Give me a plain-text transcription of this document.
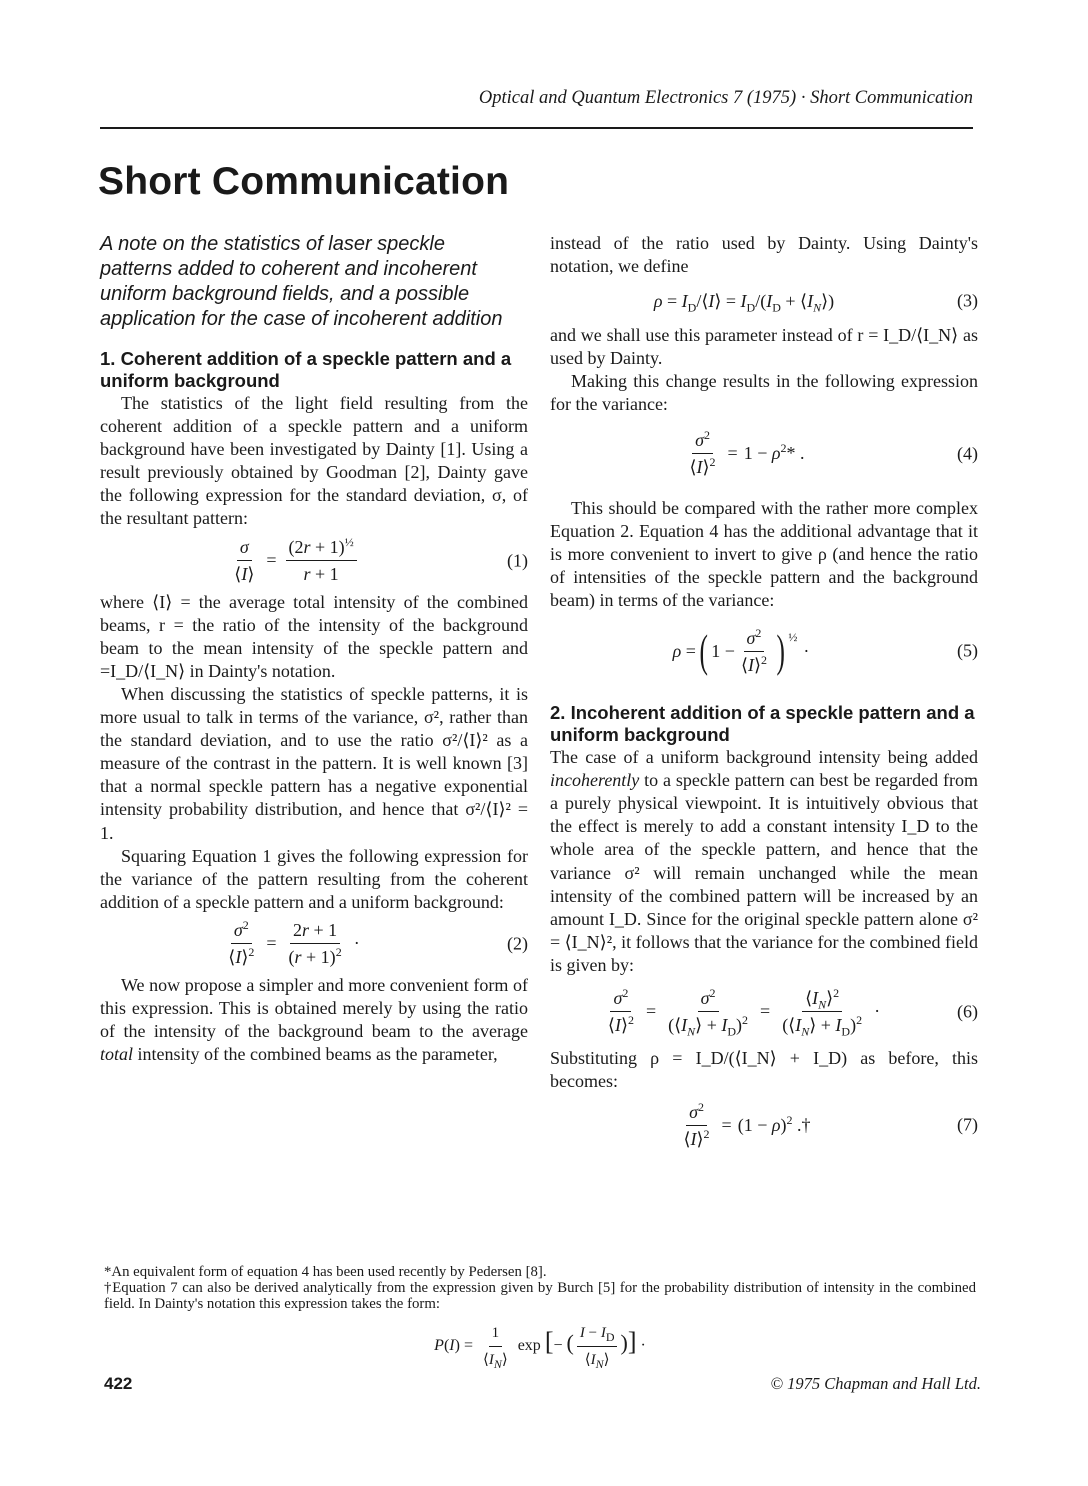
Optical and Quantum Electronics 7 (1975) · Short Communication
Short Communication
A note on the statistics of laser speckle patterns added to coherent and incoherent uniform background fields, and a possible application for the case of incoherent addition
1. Coherent addition of a speckle pattern and a uniform background

The statistics of the light field resulting from the coherent addition of a speckle pattern and a uniform background have been investigated by Dainty [1]. Using a result previously obtained by Goodman [2], Dainty gave the following expression for the standard deviation, σ, of the resultant pattern:

$\frac{\sigma}{⟨I⟩} = \frac{(2r + 1)^{\frac{1}{2}}}{r + 1}$	(1)

where ⟨I⟩ = the average total intensity of the combined beams, r = the ratio of the intensity of the background beam to the mean intensity of the speckle pattern and =I_D/⟨I_N⟩ in Dainty's notation.

When discussing the statistics of speckle patterns, it is more usual to talk in terms of the variance, σ², rather than the standard deviation, and to use the ratio σ²/⟨I⟩² as a measure of the contrast in the pattern. It is well known [3] that a normal speckle pattern has a negative exponential intensity probability distribution, and hence that σ²/⟨I⟩² = 1.

Squaring Equation 1 gives the following expression for the variance of the pattern resulting from the coherent addition of a speckle pattern and a uniform background:

$\frac{\sigma^2}{⟨I⟩^2} = \frac{2r + 1}{(r + 1)^2}$ ·	(2)

We now propose a simpler and more convenient form of this expression. This is obtained merely by using the ratio of the intensity of the background beam to the average total intensity of the combined beams as the parameter,

instead of the ratio used by Dainty. Using Dainty's notation, we define

$\rho = I_D/⟨I⟩ = I_D/(I_D$ + $⟨I_N⟩$)	(3)

and we shall use this parameter instead of r = I_D/⟨I_N⟩ as used by Dainty.

Making this change results in the following expression for the variance:

$\frac{\sigma^2}{⟨I⟩^2} = 1 - \rho^2*$ .	(4)

This should be compared with the rather more complex Equation 2. Equation 4 has the additional advantage that it is more convenient to invert to give ρ (and hence the ratio of intensities of the speckle pattern and the background beam) in terms of the variance:

ρ = ( $1 - \frac{\sigma^2}{⟨I⟩^2}$ ) $^{\frac{1}{2}}$
·	(5)
2. Incoherent addition of a speckle pattern and a uniform background

The case of a uniform background intensity being added incoherently to a speckle pattern can best be regarded from a purely physical viewpoint. It is intuitively obvious that the effect is merely to add a constant intensity I_D to the whole area of the speckle pattern, and hence that the variance σ² will remain unchanged while the mean intensity of the combined pattern will be increased by an amount I_D. Since for the original speckle pattern alone σ² = ⟨I_N⟩², it follows that the variance for the combined field is given by:

$\frac{\sigma^2}{⟨I⟩^2} = \frac{\sigma^2}{(⟨I_N⟩ + I_D)^2} = \frac{⟨I_N⟩^2}{(⟨I_N⟩ + I_D)^2}$ ·	(6)

Substituting ρ = I_D/(⟨I_N⟩ + I_D) as before, this becomes:

$\frac{\sigma^2}{⟨I⟩^2} = (1 - \rho)^2$ .†	(7)

*An equivalent form of equation 4 has been used recently by Pedersen [8].

†Equation 7 can also be derived analytically from the expression given by Burch [5] for the probability distribution of intensity in the combined field. In Dainty's notation this expression takes the form:

$P(I) = \frac{1}{⟨I_N⟩}$ exp [− ( $\frac{I - I_D}{⟨I_N⟩}$ )] ·
422	© 1975 Chapman and Hall Ltd.
